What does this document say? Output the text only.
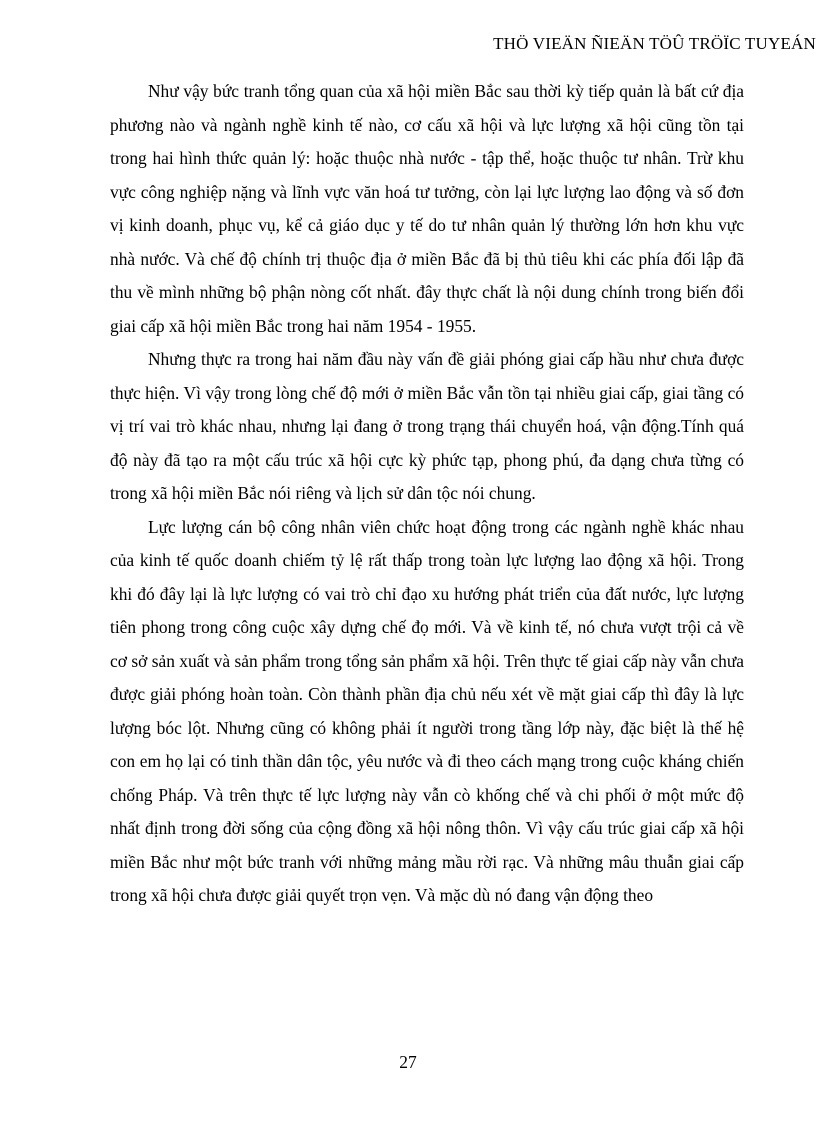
THÖ VIEÄN ÑIEÄN TÖÛ TRÖÏC TUYEÁN

Như vậy bức tranh tổng quan của xã hội miền Bắc sau thời kỳ tiếp quản là bất cứ địa phương nào và ngành nghề kinh tế nào, cơ cấu xã hội và lực lượng xã hội cũng tồn tại trong hai hình thức quản lý: hoặc thuộc nhà nước - tập thể, hoặc thuộc tư nhân. Trừ khu vực công nghiệp nặng và lĩnh vực văn hoá tư tưởng, còn lại lực lượng lao động và số đơn vị kinh doanh, phục vụ, kể cả giáo dục y tế do tư nhân quản lý thường lớn hơn khu vực nhà nước. Và chế độ chính trị thuộc địa ở miền Bắc đã bị thủ tiêu khi các phía đối lập đã thu về mình những bộ phận nòng cốt nhất. đây thực chất là nội dung chính trong biến đổi giai cấp xã hội miền Bắc trong hai năm 1954 - 1955.

Nhưng thực ra trong hai năm đầu này vấn đề giải phóng giai cấp hầu như chưa được thực hiện. Vì vậy trong lòng chế độ mới ở miền Bắc vẫn tồn tại nhiều giai cấp, giai tầng có vị trí vai trò khác nhau, nhưng lại đang ở trong trạng thái chuyển hoá, vận động.Tính quá độ này đã tạo ra một cấu trúc xã hội cực kỳ phức tạp, phong phú, đa dạng chưa từng có trong xã hội miền Bắc nói riêng và lịch sử dân tộc nói chung.

Lực lượng cán bộ công nhân viên chức hoạt động trong các ngành nghề khác nhau của kinh tế quốc doanh chiếm tỷ lệ rất thấp trong toàn lực lượng lao động xã hội. Trong khi đó đây lại là lực lượng có vai trò chỉ đạo xu hướng phát triển của đất nước, lực lượng tiên phong trong công cuộc xây dựng chế đọ mới. Và về kinh tế, nó chưa vượt trội cả về cơ sở sản xuất và sản phẩm trong tổng sản phẩm xã hội. Trên thực tế giai cấp này vẫn chưa được giải phóng hoàn toàn. Còn thành phần địa chủ nếu xét về mặt giai cấp thì đây là lực lượng bóc lột. Nhưng cũng có không phải ít người trong tầng lớp này, đặc biệt là thế hệ con em họ lại có tinh thần dân tộc, yêu nước và đi theo cách mạng trong cuộc kháng chiến chống Pháp. Và trên thực tế lực lượng này vẫn cò khống chế và chi phối ở một mức độ nhất định trong đời sống của cộng đồng xã hội nông thôn. Vì vậy cấu trúc giai cấp xã hội miền Bắc như một bức tranh với những mảng mầu rời rạc. Và những mâu thuẫn giai cấp trong xã hội chưa được giải quyết trọn vẹn. Và mặc dù nó đang vận động theo

27
